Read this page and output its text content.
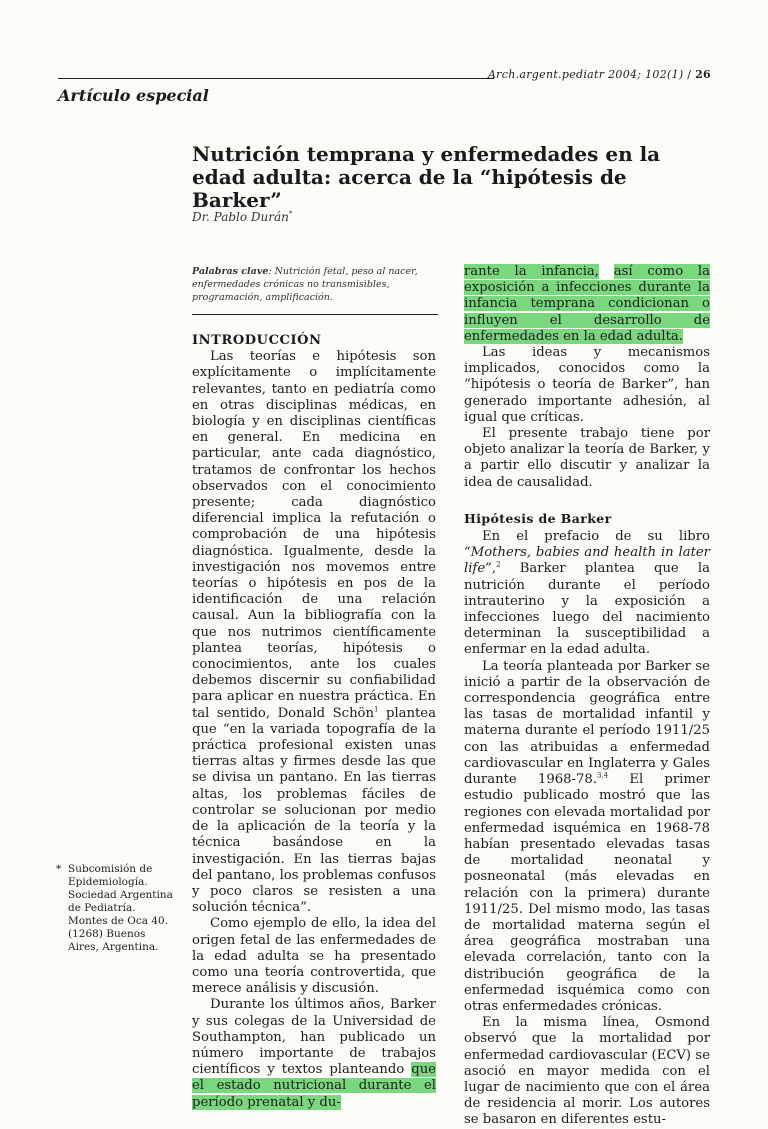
Arch.argent.pediatr 2004; 102(1) / 26
Artículo especial
Nutrición temprana y enfermedades en la edad adulta: acerca de la “hipótesis de Barker”
Dr. Pablo Durán*

Palabras clave: Nutrición fetal, peso al nacer, enfermedades crónicas no transmisibles, programación, amplificación.

INTRODUCCIÓN

Las teorías e hipótesis son explícitamente o implícitamente relevantes, tanto en pediatría como en otras disciplinas médicas, en biología y en disciplinas científicas en general. En medicina en particular, ante cada diagnóstico, tratamos de confrontar los hechos observados con el conocimiento presente; cada diagnóstico diferencial implica la refutación o comprobación de una hipótesis diagnóstica. Igualmente, desde la investigación nos movemos entre teorías o hipótesis en pos de la identificación de una relación causal. Aun la bibliografía con la que nos nutrimos científicamente plantea teorías, hipótesis o conocimientos, ante los cuales debemos discernir su confiabilidad para aplicar en nuestra práctica. En tal sentido, Donald Schön$^1$ plantea que “en la variada topografía de la práctica profesional existen unas tierras altas y firmes desde las que se divisa un pantano. En las tierras altas, los problemas fáciles de controlar se solucionan por medio de la aplicación de la teoría y la técnica basándose en la investigación. En las tierras bajas del pantano, los problemas confusos y poco claros se resisten a una solución técnica”.

Como ejemplo de ello, la idea del origen fetal de las enfermedades de la edad adulta se ha presentado como una teoría controvertida, que merece análisis y discusión.

Durante los últimos años, Barker y sus colegas de la Universidad de Southampton, han publicado un número importante de trabajos científicos y textos planteando que el estado nutricional durante el período prenatal y du-

rante la infancia, así como la exposición a infecciones durante la infancia temprana condicionan o influyen el desarrollo de enfermedades en la edad adulta.

Las ideas y mecanismos implicados, conocidos como la “hipótesis o teoría de Barker”, han generado importante adhesión, al igual que críticas.

El presente trabajo tiene por objeto analizar la teoría de Barker, y a partir ello discutir y analizar la idea de causalidad.

Hipótesis de Barker

En el prefacio de su libro “Mothers, babies and health in later life”,$^2$ Barker plantea que la nutrición durante el período intrauterino y la exposición a infecciones luego del nacimiento determinan la susceptibilidad a enfermar en la edad adulta.

La teoría planteada por Barker se inició a partir de la observación de correspondencia geográfica entre las tasas de mortalidad infantil y materna durante el período 1911/25 con las atribuidas a enfermedad cardiovascular en Inglaterra y Gales durante 1968-78.$^{3,4}$ El primer estudio publicado mostró que las regiones con elevada mortalidad por enfermedad isquémica en 1968-78 habían presentado elevadas tasas de mortalidad neonatal y posneonatal (más elevadas en relación con la primera) durante 1911/25. Del mismo modo, las tasas de mortalidad materna según el área geográfica mostraban una elevada correlación, tanto con la distribución geográfica de la enfermedad isquémica como con otras enfermedades crónicas.

En la misma línea, Osmond observó que la mortalidad por enfermedad cardiovascular (ECV) se asoció en mayor medida con el lugar de nacimiento que con el área de residencia al morir. Los autores se basaron en diferentes estu-

* Subcomisión de Epidemiología. Sociedad Argentina de Pediatría. Montes de Oca 40. (1268) Buenos Aires, Argentina.
